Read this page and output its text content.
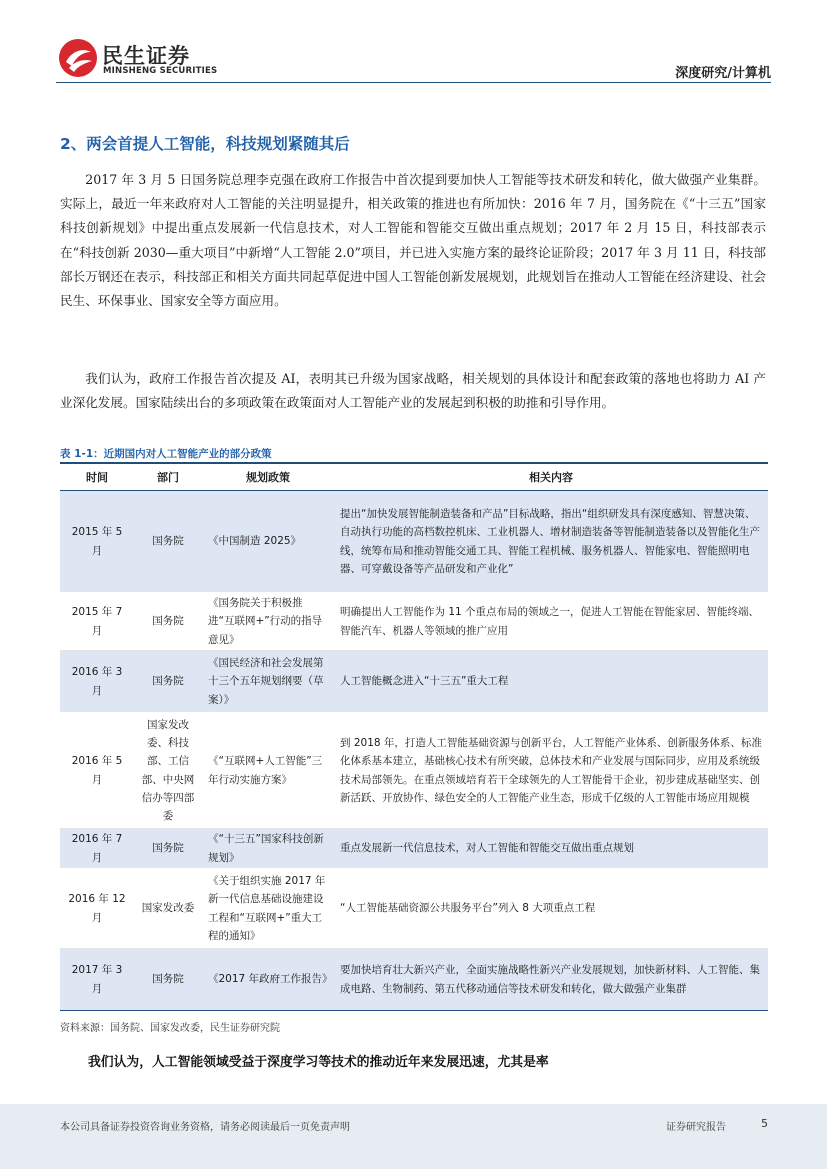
民生证券
MINSHENG SECURITIES	深度研究/计算机
2、两会首提人工智能，科技规划紧随其后

2017 年 3 月 5 日国务院总理李克强在政府工作报告中首次提到要加快人工智能等技术研发和转化，做大做强产业集群。实际上，最近一年来政府对人工智能的关注明显提升，相关政策的推进也有所加快：2016 年 7 月，国务院在《“十三五”国家科技创新规划》中提出重点发展新一代信息技术，对人工智能和智能交互做出重点规划；2017 年 2 月 15 日，科技部表示在“科技创新 2030—重大项目”中新增“人工智能 2.0”项目，并已进入实施方案的最终论证阶段；2017 年 3 月 11 日，科技部部长万钢还在表示，科技部正和相关方面共同起草促进中国人工智能创新发展规划，此规划旨在推动人工智能在经济建设、社会民生、环保事业、国家安全等方面应用。

我们认为，政府工作报告首次提及 AI，表明其已升级为国家战略，相关规划的具体设计和配套政策的落地也将助力 AI 产业深化发展。国家陆续出台的多项政策在政策面对人工智能产业的发展起到积极的助推和引导作用。

表 1-1：近期国内对人工智能产业的部分政策
时间	部门	规划政策	相关内容
2015 年 5 月	国务院	《中国制造 2025》	提出“加快发展智能制造装备和产品”目标战略，指出“组织研发具有深度感知、智慧决策、自动执行功能的高档数控机床、工业机器人、增材制造装备等智能制造装备以及智能化生产线，统筹布局和推动智能交通工具、智能工程机械、服务机器人、智能家电、智能照明电器、可穿戴设备等产品研发和产业化”
2015 年 7 月	国务院	《国务院关于积极推进“互联网+”行动的指导意见》	明确提出人工智能作为 11 个重点布局的领域之一，促进人工智能在智能家居、智能终端、智能汽车、机器人等领域的推广应用
2016 年 3 月	国务院	《国民经济和社会发展第十三个五年规划纲要（草案）》	人工智能概念进入“十三五”重大工程
2016 年 5 月	国家发改委、科技部、工信部、中央网信办等四部委	《“互联网+人工智能”三年行动实施方案》	到 2018 年，打造人工智能基础资源与创新平台，人工智能产业体系、创新服务体系、标准化体系基本建立，基础核心技术有所突破，总体技术和产业发展与国际同步，应用及系统级技术局部领先。在重点领域培育若干全球领先的人工智能骨干企业，初步建成基础坚实、创新活跃、开放协作、绿色安全的人工智能产业生态，形成千亿级的人工智能市场应用规模
2016 年 7 月	国务院	《“十三五”国家科技创新规划》	重点发展新一代信息技术，对人工智能和智能交互做出重点规划
2016 年 12 月	国家发改委	《关于组织实施 2017 年新一代信息基础设施建设工程和“互联网+”重大工程的通知》	“人工智能基础资源公共服务平台”列入 8 大项重点工程
2017 年 3 月	国务院	《2017 年政府工作报告》	要加快培育壮大新兴产业，全面实施战略性新兴产业发展规划，加快新材料、人工智能、集成电路、生物制药、第五代移动通信等技术研发和转化，做大做强产业集群
资料来源：国务院、国家发改委，民生证券研究院
我们认为，人工智能领域受益于深度学习等技术的推动近年来发展迅速，尤其是率
本公司具备证券投资咨询业务资格，请务必阅读最后一页免责声明	证券研究报告	5
